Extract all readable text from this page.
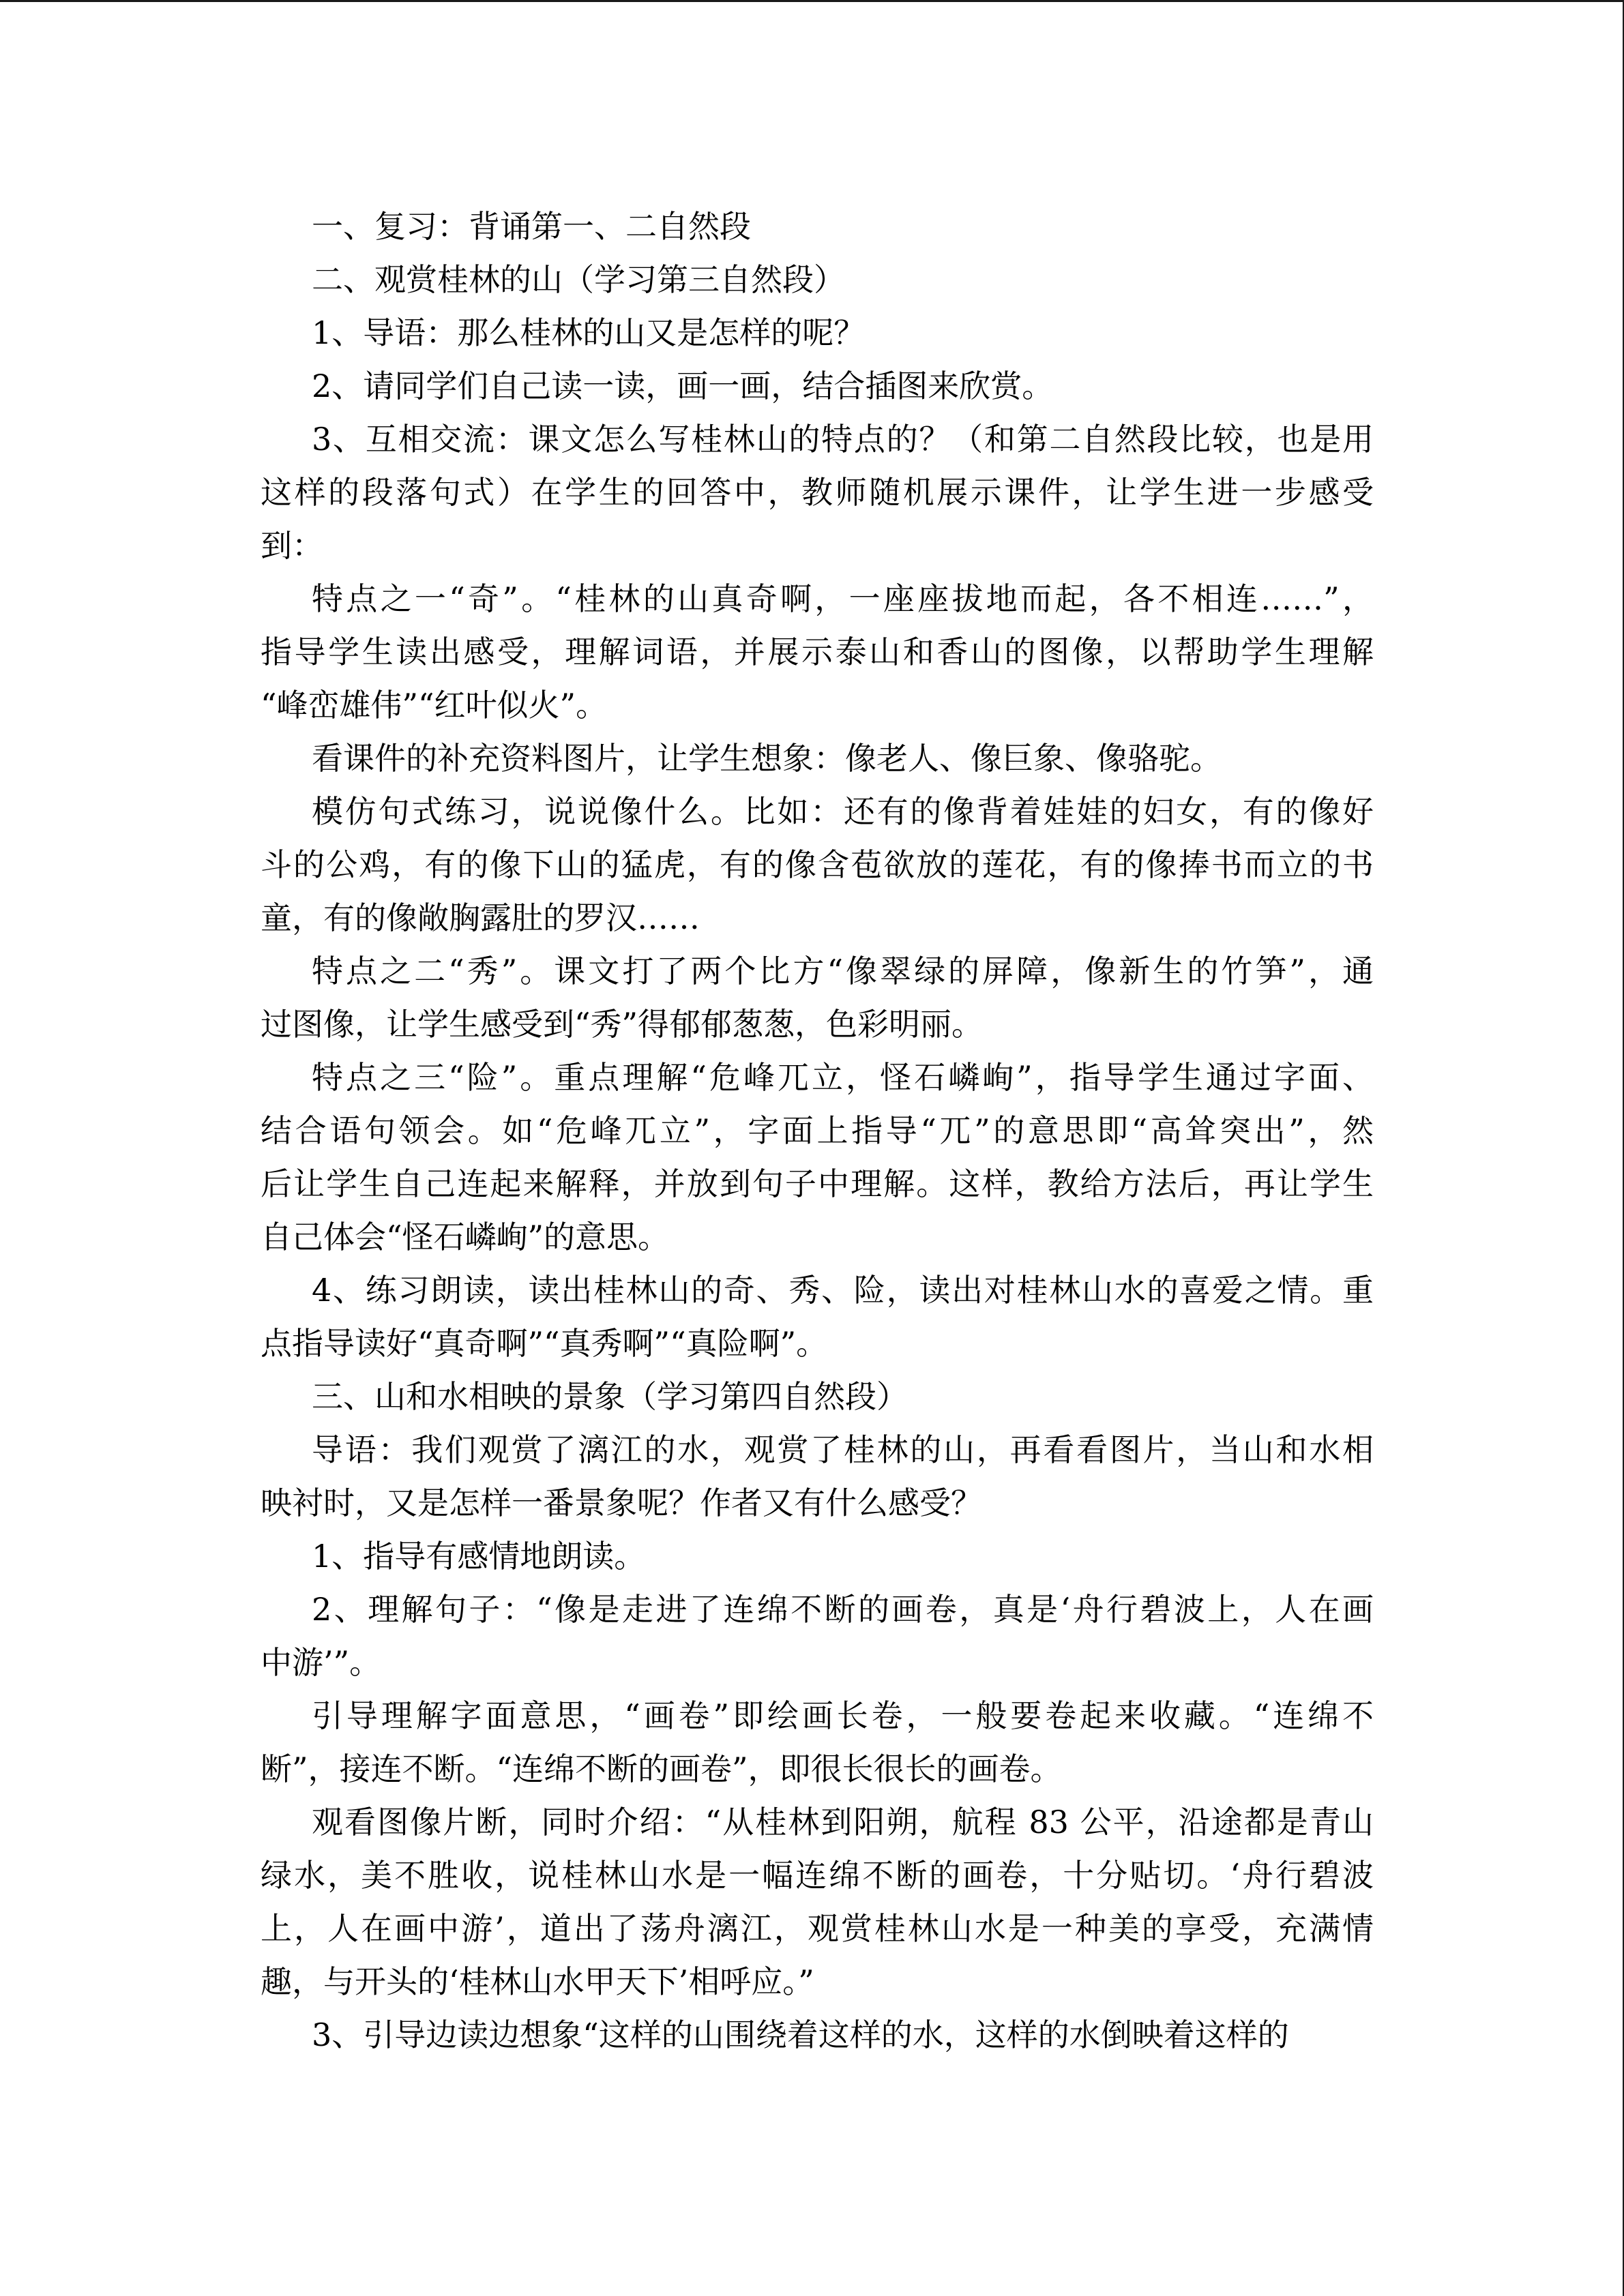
一、复习：背诵第一、二自然段
二、观赏桂林的山（学习第三自然段）
1、导语：那么桂林的山又是怎样的呢？
2、请同学们自己读一读，画一画，结合插图来欣赏。
3、互相交流：课文怎么写桂林山的特点的？（和第二自然段比较，也是用
这样的段落句式）在学生的回答中，教师随机展示课件，让学生进一步感受
到：
特点之一“奇”。“桂林的山真奇啊，一座座拔地而起，各不相连……”，
指导学生读出感受，理解词语，并展示泰山和香山的图像，以帮助学生理解
“峰峦雄伟”“红叶似火”。
看课件的补充资料图片，让学生想象：像老人、像巨象、像骆驼。
模仿句式练习，说说像什么。比如：还有的像背着娃娃的妇女，有的像好
斗的公鸡，有的像下山的猛虎，有的像含苞欲放的莲花，有的像捧书而立的书
童，有的像敞胸露肚的罗汉……
特点之二“秀”。课文打了两个比方“像翠绿的屏障，像新生的竹笋”，通
过图像，让学生感受到“秀”得郁郁葱葱，色彩明丽。
特点之三“险”。重点理解“危峰兀立，怪石嶙峋”，指导学生通过字面、
结合语句领会。如“危峰兀立”，字面上指导“兀”的意思即“高耸突出”，然
后让学生自己连起来解释，并放到句子中理解。这样，教给方法后，再让学生
自己体会“怪石嶙峋”的意思。
4、练习朗读，读出桂林山的奇、秀、险，读出对桂林山水的喜爱之情。重
点指导读好“真奇啊”“真秀啊”“真险啊”。
三、山和水相映的景象（学习第四自然段）
导语：我们观赏了漓江的水，观赏了桂林的山，再看看图片，当山和水相
映衬时，又是怎样一番景象呢？作者又有什么感受？
1、指导有感情地朗读。
2、理解句子：“像是走进了连绵不断的画卷，真是‘舟行碧波上，人在画
中游’”。
引导理解字面意思，“画卷”即绘画长卷，一般要卷起来收藏。“连绵不
断”，接连不断。“连绵不断的画卷”，即很长很长的画卷。
观看图像片断，同时介绍：“从桂林到阳朔，航程 83 公平，沿途都是青山
绿水，美不胜收，说桂林山水是一幅连绵不断的画卷，十分贴切。‘舟行碧波
上，人在画中游’，道出了荡舟漓江，观赏桂林山水是一种美的享受，充满情
趣，与开头的‘桂林山水甲天下’相呼应。”
3、引导边读边想象“这样的山围绕着这样的水，这样的水倒映着这样的
